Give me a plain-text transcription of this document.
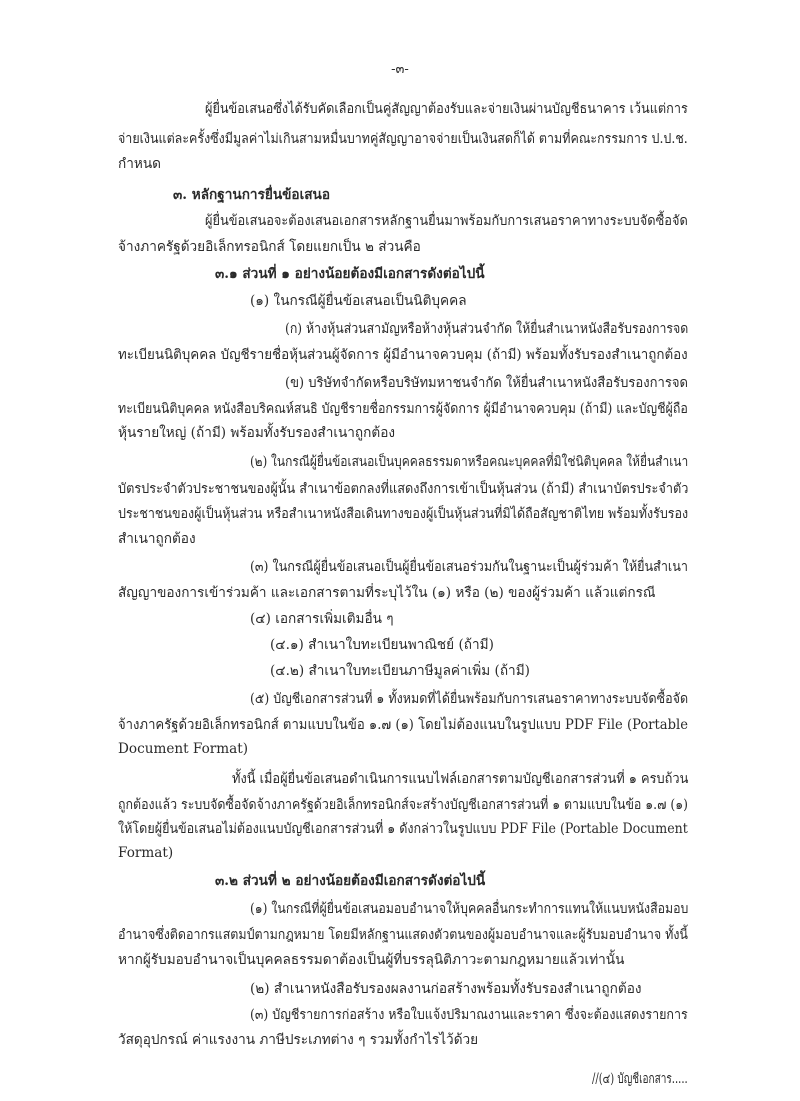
-๓-
ผู้ยื่นข้อเสนอซึ่งได้รับคัดเลือกเป็นคู่สัญญาต้องรับและจ่ายเงินผ่านบัญชีธนาคาร เว้นแต่การ
จ่ายเงินแต่ละครั้งซึ่งมีมูลค่าไม่เกินสามหมื่นบาทคู่สัญญาอาจจ่ายเป็นเงินสดก็ได้ ตามที่คณะกรรมการ ป.ป.ช.
กำหนด
๓. หลักฐานการยื่นข้อเสนอ
ผู้ยื่นข้อเสนอจะต้องเสนอเอกสารหลักฐานยื่นมาพร้อมกับการเสนอราคาทางระบบจัดซื้อจัด
จ้างภาครัฐด้วยอิเล็กทรอนิกส์ โดยแยกเป็น ๒ ส่วนคือ
๓.๑ ส่วนที่ ๑ อย่างน้อยต้องมีเอกสารดังต่อไปนี้
(๑) ในกรณีผู้ยื่นข้อเสนอเป็นนิติบุคคล
(ก) ห้างหุ้นส่วนสามัญหรือห้างหุ้นส่วนจำกัด ให้ยื่นสำเนาหนังสือรับรองการจด
ทะเบียนนิติบุคคล บัญชีรายชื่อหุ้นส่วนผู้จัดการ ผู้มีอำนาจควบคุม (ถ้ามี) พร้อมทั้งรับรองสำเนาถูกต้อง
(ข) บริษัทจำกัดหรือบริษัทมหาชนจำกัด ให้ยื่นสำเนาหนังสือรับรองการจด
ทะเบียนนิติบุคคล หนังสือบริคณห์สนธิ บัญชีรายชื่อกรรมการผู้จัดการ ผู้มีอำนาจควบคุม (ถ้ามี) และบัญชีผู้ถือ
หุ้นรายใหญ่ (ถ้ามี) พร้อมทั้งรับรองสำเนาถูกต้อง
(๒) ในกรณีผู้ยื่นข้อเสนอเป็นบุคคลธรรมดาหรือคณะบุคคลที่มิใช่นิติบุคคล ให้ยื่นสำเนา
บัตรประจำตัวประชาชนของผู้นั้น สำเนาข้อตกลงที่แสดงถึงการเข้าเป็นหุ้นส่วน (ถ้ามี) สำเนาบัตรประจำตัว
ประชาชนของผู้เป็นหุ้นส่วน หรือสำเนาหนังสือเดินทางของผู้เป็นหุ้นส่วนที่มิได้ถือสัญชาติไทย พร้อมทั้งรับรอง
สำเนาถูกต้อง
(๓) ในกรณีผู้ยื่นข้อเสนอเป็นผู้ยื่นข้อเสนอร่วมกันในฐานะเป็นผู้ร่วมค้า ให้ยื่นสำเนา
สัญญาของการเข้าร่วมค้า และเอกสารตามที่ระบุไว้ใน (๑) หรือ (๒) ของผู้ร่วมค้า แล้วแต่กรณี
(๔) เอกสารเพิ่มเติมอื่น ๆ
(๔.๑) สำเนาใบทะเบียนพาณิชย์ (ถ้ามี)
(๔.๒) สำเนาใบทะเบียนภาษีมูลค่าเพิ่ม (ถ้ามี)
(๕) บัญชีเอกสารส่วนที่ ๑ ทั้งหมดที่ได้ยื่นพร้อมกับการเสนอราคาทางระบบจัดซื้อจัด
จ้างภาครัฐด้วยอิเล็กทรอนิกส์ ตามแบบในข้อ ๑.๗ (๑) โดยไม่ต้องแนบในรูปแบบ PDF File (Portable
Document Format)
ทั้งนี้ เมื่อผู้ยื่นข้อเสนอดำเนินการแนบไฟล์เอกสารตามบัญชีเอกสารส่วนที่ ๑ ครบถ้วน
ถูกต้องแล้ว ระบบจัดซื้อจัดจ้างภาครัฐด้วยอิเล็กทรอนิกส์จะสร้างบัญชีเอกสารส่วนที่ ๑ ตามแบบในข้อ ๑.๗ (๑)
ให้โดยผู้ยื่นข้อเสนอไม่ต้องแนบบัญชีเอกสารส่วนที่ ๑ ดังกล่าวในรูปแบบ PDF File (Portable Document
Format)
๓.๒ ส่วนที่ ๒ อย่างน้อยต้องมีเอกสารดังต่อไปนี้
(๑) ในกรณีที่ผู้ยื่นข้อเสนอมอบอำนาจให้บุคคลอื่นกระทำการแทนให้แนบหนังสือมอบ
อำนาจซึ่งติดอากรแสตมป์ตามกฎหมาย โดยมีหลักฐานแสดงตัวตนของผู้มอบอำนาจและผู้รับมอบอำนาจ ทั้งนี้
หากผู้รับมอบอำนาจเป็นบุคคลธรรมดาต้องเป็นผู้ที่บรรลุนิติภาวะตามกฎหมายแล้วเท่านั้น
(๒) สำเนาหนังสือรับรองผลงานก่อสร้างพร้อมทั้งรับรองสำเนาถูกต้อง
(๓) บัญชีรายการก่อสร้าง หรือใบแจ้งปริมาณงานและราคา ซึ่งจะต้องแสดงรายการ
วัสดุอุปกรณ์ ค่าแรงงาน ภาษีประเภทต่าง ๆ รวมทั้งกำไรไว้ด้วย
//(๔) บัญชีเอกสาร.....
